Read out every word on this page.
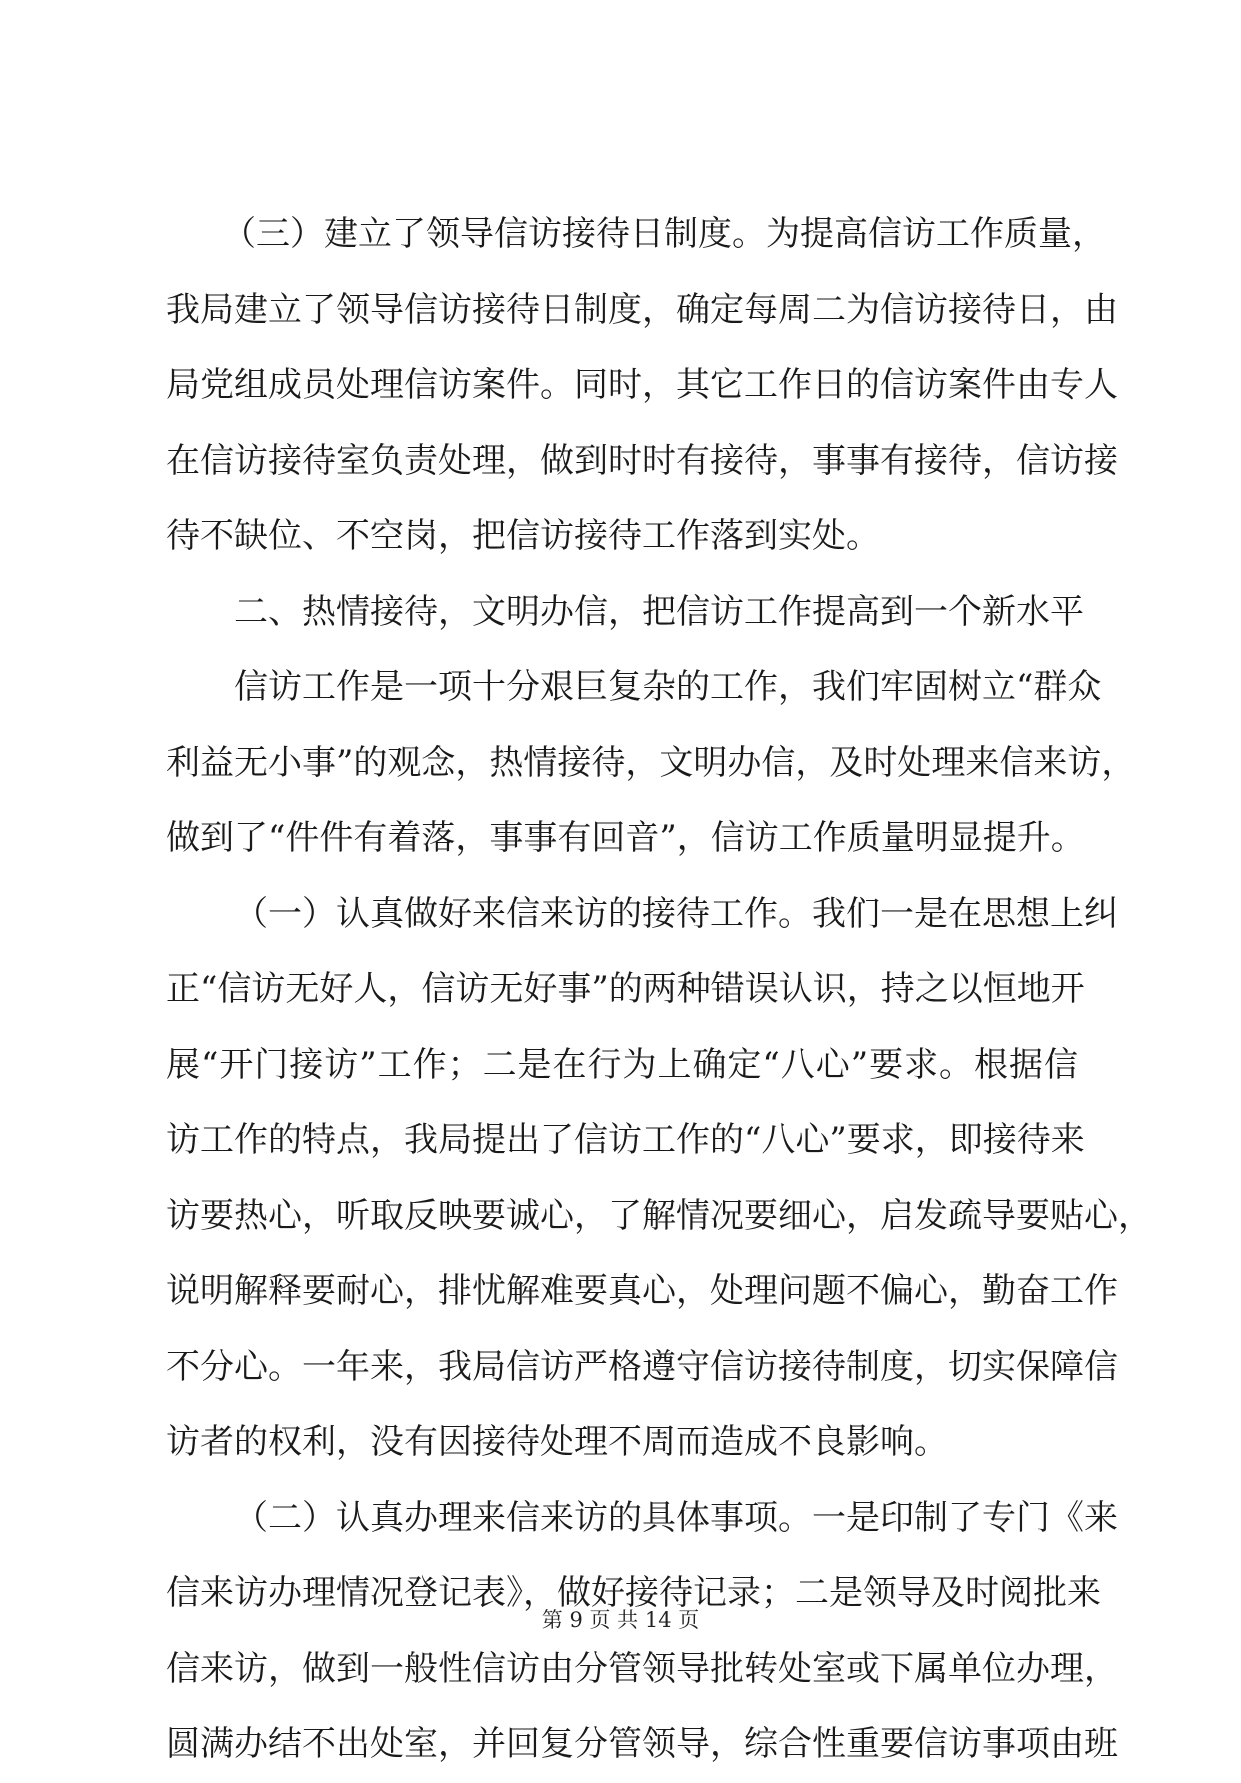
（三）建立了领导信访接待日制度。为提高信访工作质量，
我局建立了领导信访接待日制度，确定每周二为信访接待日，由
局党组成员处理信访案件。同时，其它工作日的信访案件由专人
在信访接待室负责处理，做到时时有接待，事事有接待，信访接
待不缺位、不空岗，把信访接待工作落到实处。
二、热情接待，文明办信，把信访工作提高到一个新水平
信访工作是一项十分艰巨复杂的工作，我们牢固树立“群众
利益无小事”的观念，热情接待，文明办信，及时处理来信来访，
做到了“件件有着落，事事有回音”，信访工作质量明显提升。
（一）认真做好来信来访的接待工作。我们一是在思想上纠
正“信访无好人，信访无好事”的两种错误认识，持之以恒地开
展“开门接访”工作；二是在行为上确定“八心”要求。根据信
访工作的特点，我局提出了信访工作的“八心”要求，即接待来
访要热心，听取反映要诚心，了解情况要细心，启发疏导要贴心，
说明解释要耐心，排忧解难要真心，处理问题不偏心，勤奋工作
不分心。一年来，我局信访严格遵守信访接待制度，切实保障信
访者的权利，没有因接待处理不周而造成不良影响。
（二）认真办理来信来访的具体事项。一是印制了专门《来
信来访办理情况登记表》，做好接待记录；二是领导及时阅批来
信来访，做到一般性信访由分管领导批转处室或下属单位办理，
圆满办结不出处室，并回复分管领导，综合性重要信访事项由班
第 9 页 共 14 页
